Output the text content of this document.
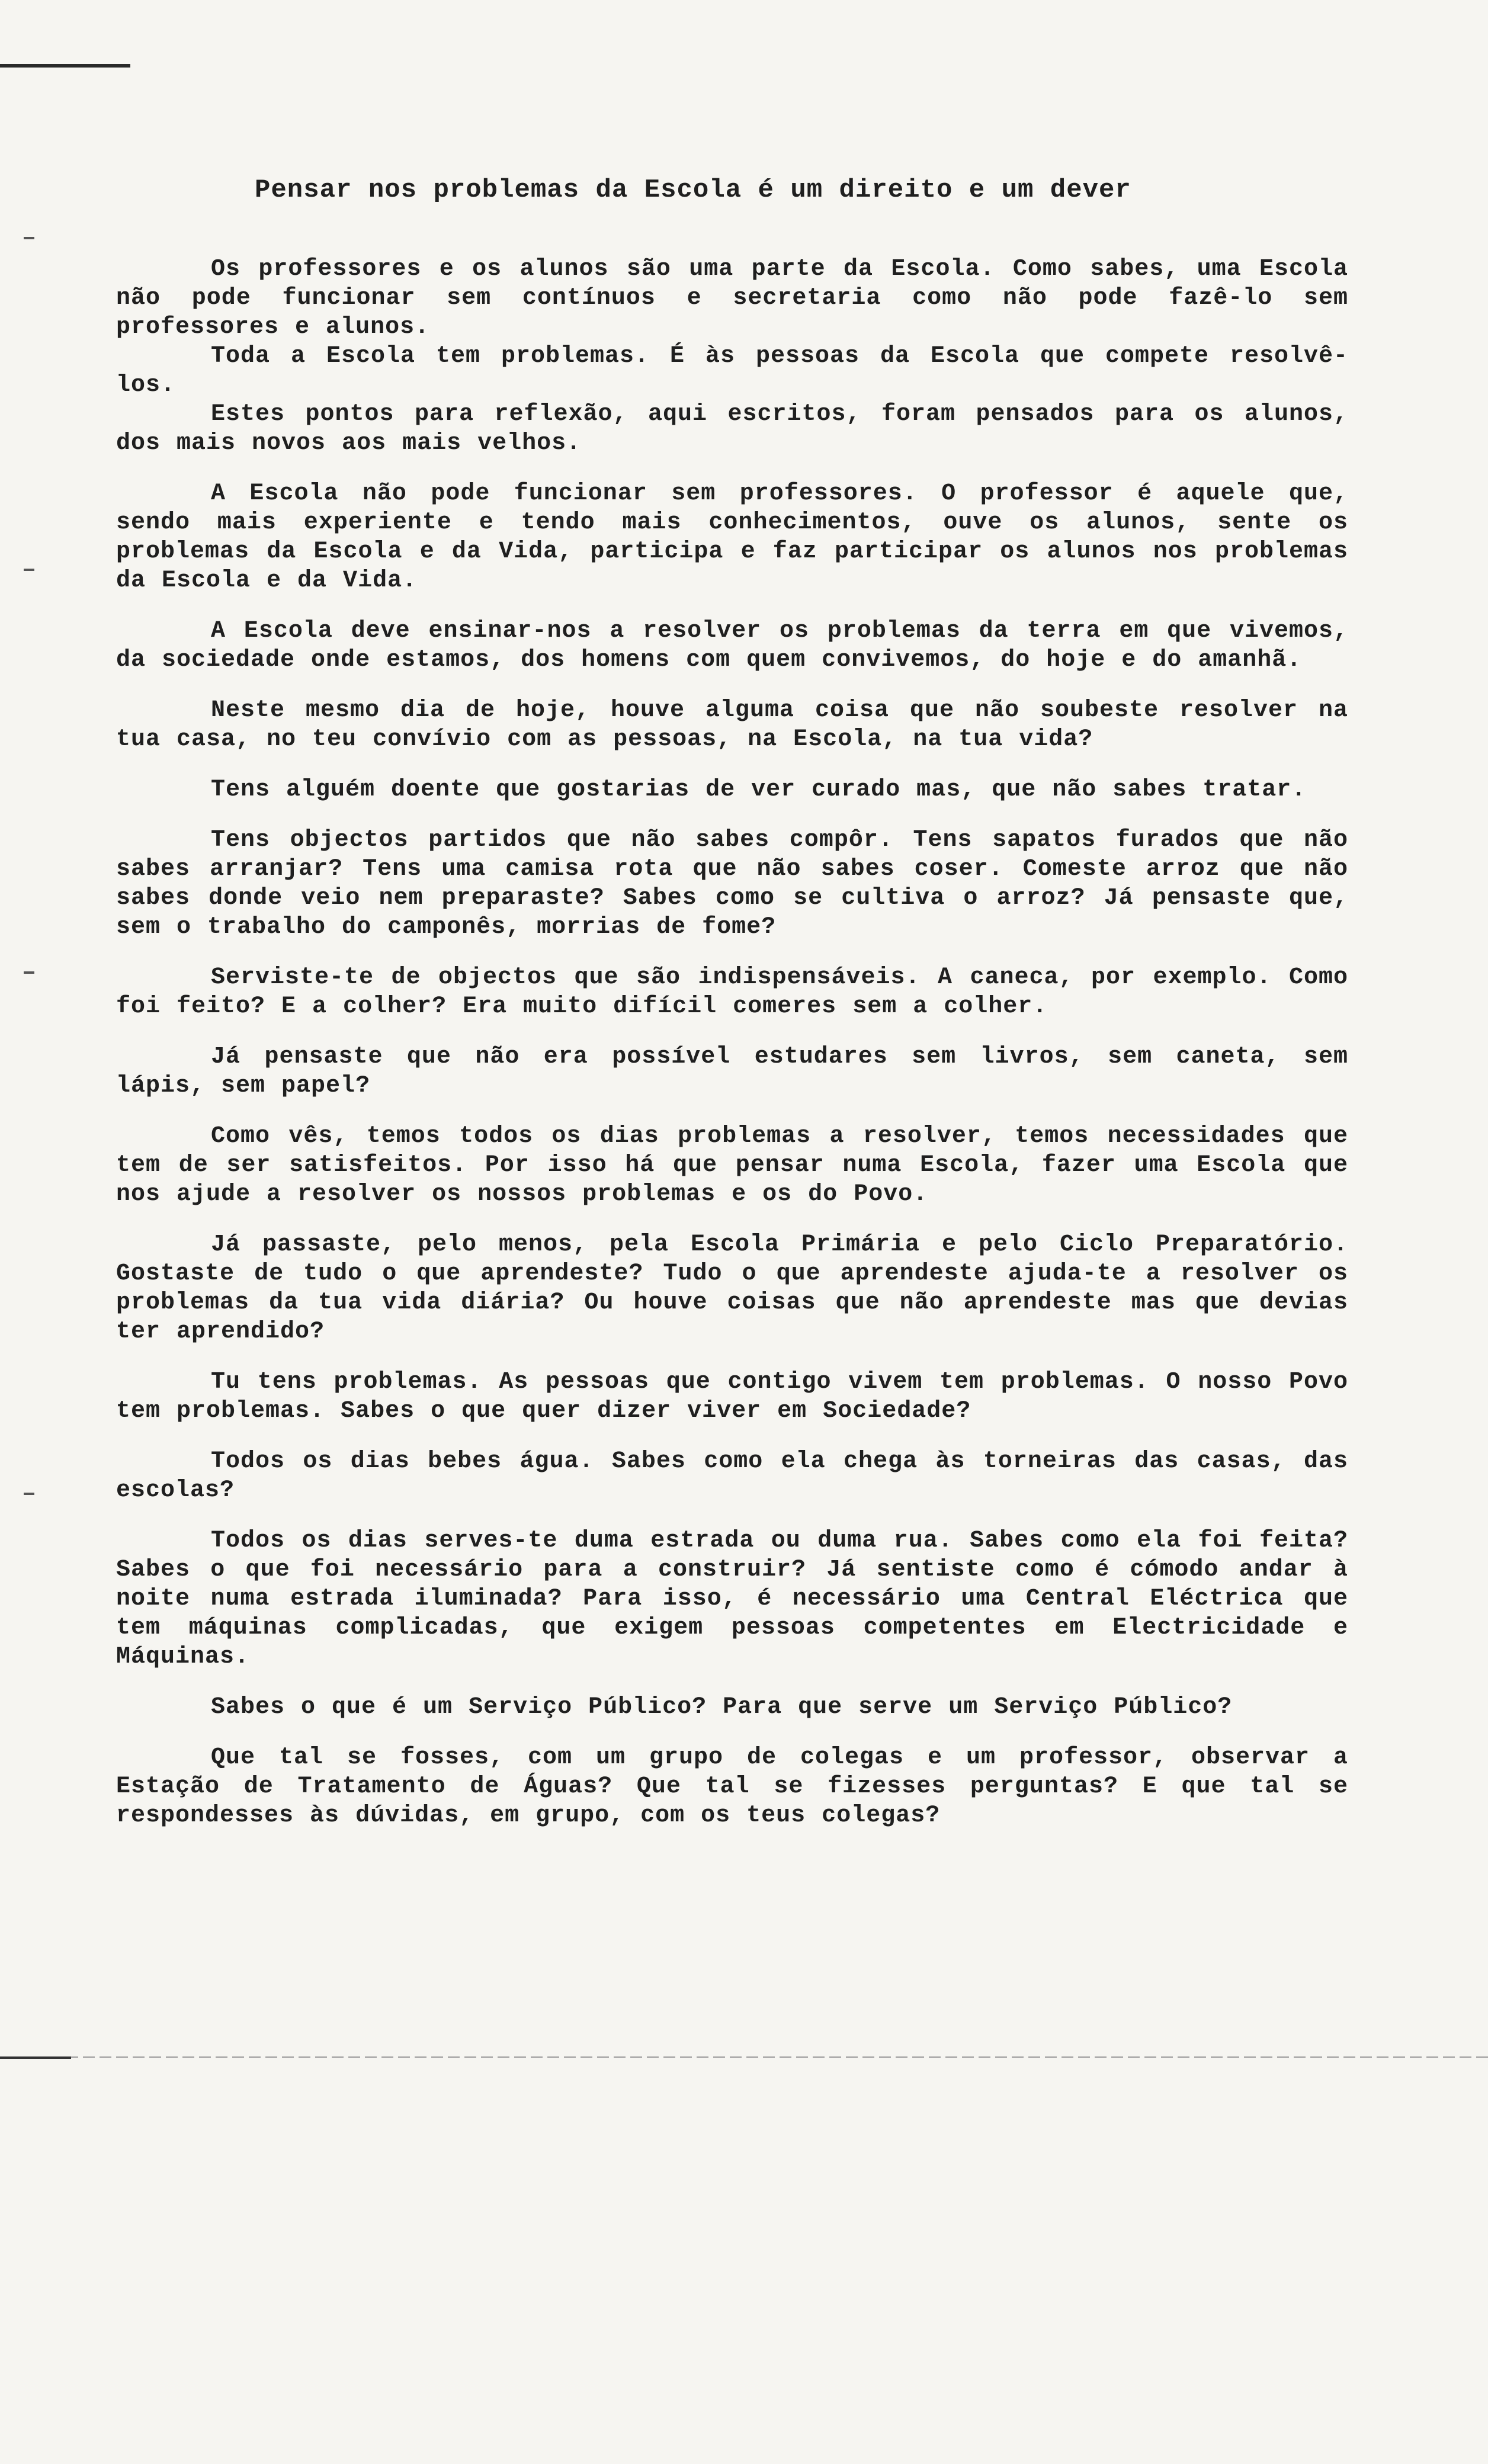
Pensar nos problemas da Escola é um direito e um dever

Os professores e os alunos são uma parte da Escola. Como sabes, uma Escola não pode funcionar sem contínuos e secretaria como não pode fazê-lo sem professores e alunos.

Toda a Escola tem problemas. É às pessoas da Escola que compete resolvê-los.

Estes pontos para reflexão, aqui escritos, foram pensados para os alunos, dos mais novos aos mais velhos.

A Escola não pode funcionar sem professores. O professor é aquele que, sendo mais experiente e tendo mais conhecimentos, ouve os alunos, sente os problemas da Escola e da Vida, participa e faz participar os alunos nos problemas da Escola e da Vida.

A Escola deve ensinar-nos a resolver os problemas da terra em que vivemos, da sociedade onde estamos, dos homens com quem convivemos, do hoje e do amanhã.

Neste mesmo dia de hoje, houve alguma coisa que não soubeste resolver na tua casa, no teu convívio com as pessoas, na Escola, na tua vida?

Tens alguém doente que gostarias de ver curado mas, que não sabes tratar.

Tens objectos partidos que não sabes compôr. Tens sapatos furados que não sabes arranjar? Tens uma camisa rota que não sabes coser. Comeste arroz que não sabes donde veio nem preparaste? Sabes como se cultiva o arroz? Já pensaste que, sem o trabalho do camponês, morrias de fome?

Serviste-te de objectos que são indispensáveis. A caneca, por exemplo. Como foi feito? E a colher? Era muito difícil comeres sem a colher.

Já pensaste que não era possível estudares sem livros, sem caneta, sem lápis, sem papel?

Como vês, temos todos os dias problemas a resolver, temos necessidades que tem de ser satisfeitos. Por isso há que pensar numa Escola, fazer uma Escola que nos ajude a resolver os nossos problemas e os do Povo.

Já passaste, pelo menos, pela Escola Primária e pelo Ciclo Preparatório. Gostaste de tudo o que aprendeste? Tudo o que aprendeste ajuda-te a resolver os problemas da tua vida diária? Ou houve coisas que não aprendeste mas que devias ter aprendido?

Tu tens problemas. As pessoas que contigo vivem tem problemas. O nosso Povo tem problemas. Sabes o que quer dizer viver em Sociedade?

Todos os dias bebes água. Sabes como ela chega às torneiras das casas, das escolas?

Todos os dias serves-te duma estrada ou duma rua. Sabes como ela foi feita? Sabes o que foi necessário para a construir? Já sentiste como é cómodo andar à noite numa estrada iluminada? Para isso, é necessário uma Central Eléctrica que tem máquinas complicadas, que exigem pessoas competentes em Electricidade e Máquinas.

Sabes o que é um Serviço Público? Para que serve um Serviço Público?

Que tal se fosses, com um grupo de colegas e um professor, observar a Estação de Tratamento de Águas? Que tal se fizesses perguntas? E que tal se respondesses às dúvidas, em grupo, com os teus colegas?
